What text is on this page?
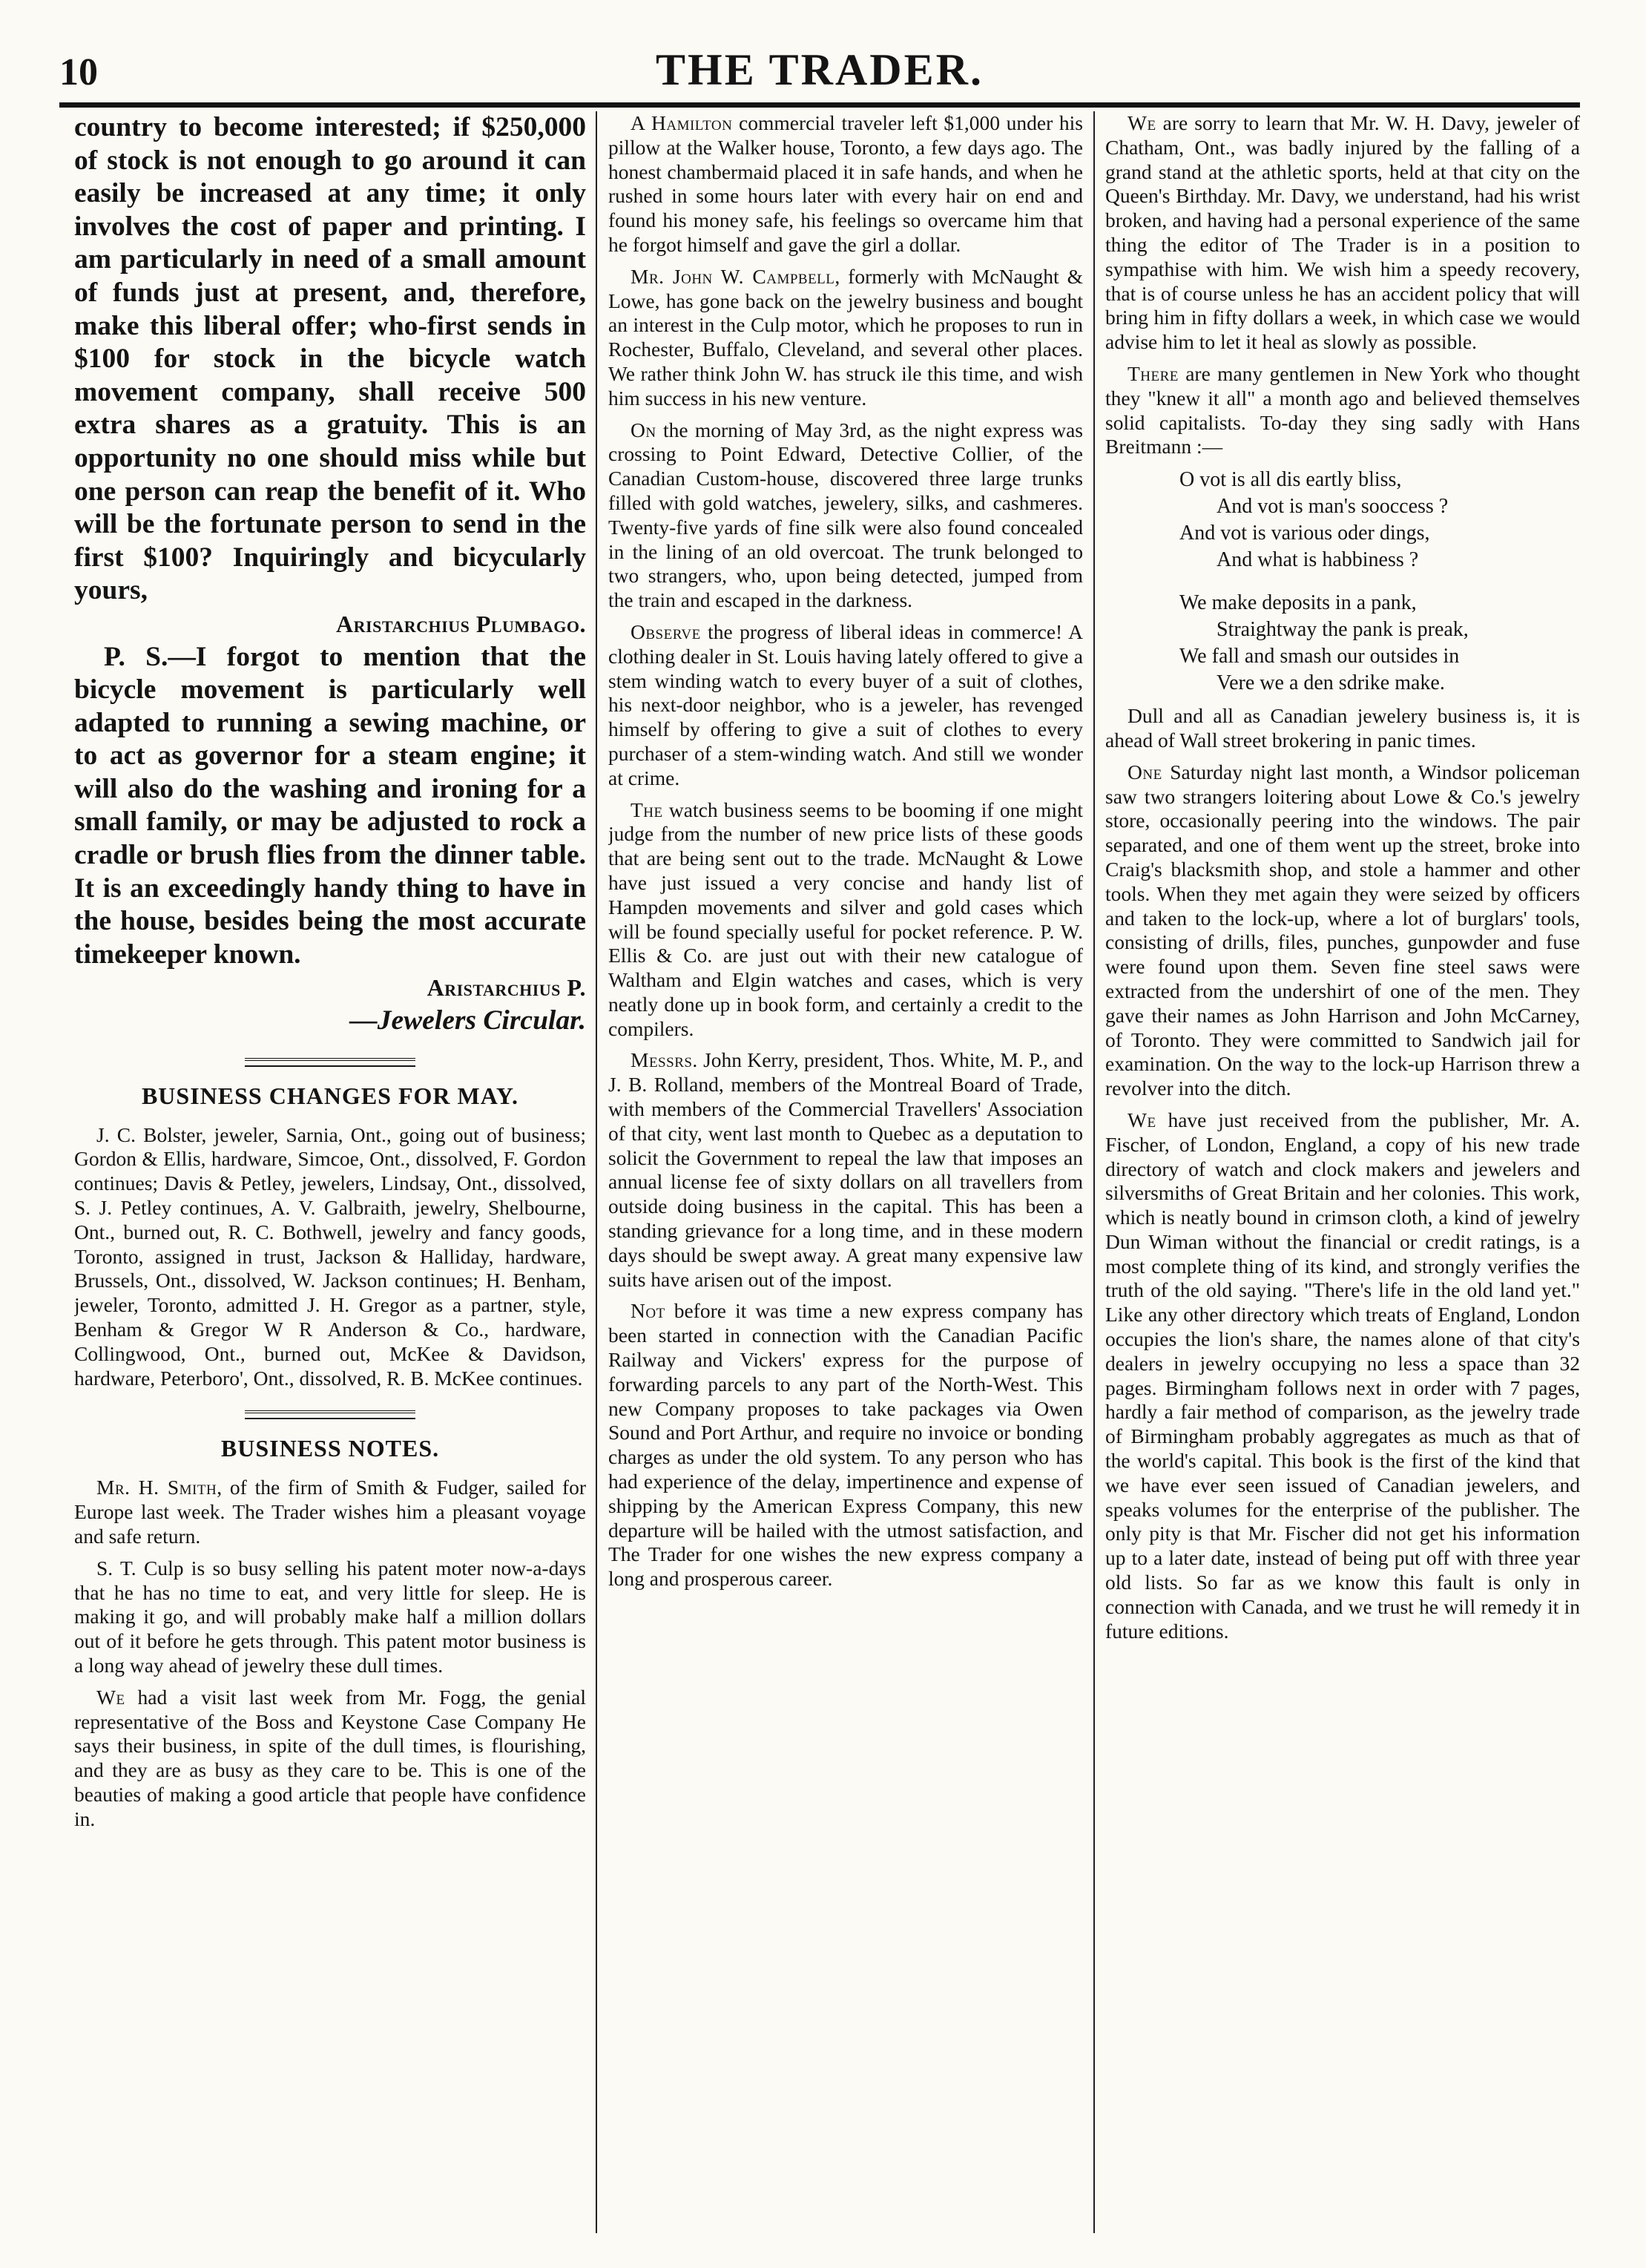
10	THE TRADER.

country to become interested; if $250,000 of stock is not enough to go around it can easily be increased at any time; it only involves the cost of paper and printing. I am particularly in need of a small amount of funds just at present, and, therefore, make this liberal offer; who-first sends in $100 for stock in the bicycle watch movement company, shall receive 500 extra shares as a gratuity. This is an opportunity no one should miss while but one person can reap the benefit of it. Who will be the fortunate person to send in the first $100? Inquiringly and bicycularly yours,

Aristarchius Plumbago.

P. S.—I forgot to mention that the bicycle movement is particularly well adapted to running a sewing machine, or to act as governor for a steam engine; it will also do the washing and ironing for a small family, or may be adjusted to rock a cradle or brush flies from the dinner table. It is an exceedingly handy thing to have in the house, besides being the most accurate timekeeper known.

Aristarchius P.

—Jewelers Circular.

BUSINESS CHANGES FOR MAY.

J. C. Bolster, jeweler, Sarnia, Ont., going out of business; Gordon & Ellis, hardware, Simcoe, Ont., dissolved, F. Gordon continues; Davis & Petley, jewelers, Lindsay, Ont., dissolved, S. J. Petley continues, A. V. Galbraith, jewelry, Shelbourne, Ont., burned out, R. C. Bothwell, jewelry and fancy goods, Toronto, assigned in trust, Jackson & Halliday, hardware, Brussels, Ont., dissolved, W. Jackson continues; H. Benham, jeweler, Toronto, admitted J. H. Gregor as a partner, style, Benham & Gregor W R Anderson & Co., hardware, Collingwood, Ont., burned out, McKee & Davidson, hardware, Peterboro', Ont., dissolved, R. B. McKee continues.

BUSINESS NOTES.

Mr. H. Smith, of the firm of Smith & Fudger, sailed for Europe last week. The Trader wishes him a pleasant voyage and safe return.

S. T. Culp is so busy selling his patent moter now-a-days that he has no time to eat, and very little for sleep. He is making it go, and will probably make half a million dollars out of it before he gets through. This patent motor business is a long way ahead of jewelry these dull times.

We had a visit last week from Mr. Fogg, the genial representative of the Boss and Keystone Case Company He says their business, in spite of the dull times, is flourishing, and they are as busy as they care to be. This is one of the beauties of making a good article that people have confidence in.

A Hamilton commercial traveler left $1,000 under his pillow at the Walker house, Toronto, a few days ago. The honest chambermaid placed it in safe hands, and when he rushed in some hours later with every hair on end and found his money safe, his feelings so overcame him that he forgot himself and gave the girl a dollar.

Mr. John W. Campbell, formerly with McNaught & Lowe, has gone back on the jewelry business and bought an interest in the Culp motor, which he proposes to run in Rochester, Buffalo, Cleveland, and several other places. We rather think John W. has struck ile this time, and wish him success in his new venture.

On the morning of May 3rd, as the night express was crossing to Point Edward, Detective Collier, of the Canadian Custom-house, discovered three large trunks filled with gold watches, jewelery, silks, and cashmeres. Twenty-five yards of fine silk were also found concealed in the lining of an old overcoat. The trunk belonged to two strangers, who, upon being detected, jumped from the train and escaped in the darkness.

Observe the progress of liberal ideas in commerce! A clothing dealer in St. Louis having lately offered to give a stem winding watch to every buyer of a suit of clothes, his next-door neighbor, who is a jeweler, has revenged himself by offering to give a suit of clothes to every purchaser of a stem-winding watch. And still we wonder at crime.

The watch business seems to be booming if one might judge from the number of new price lists of these goods that are being sent out to the trade. McNaught & Lowe have just issued a very concise and handy list of Hampden movements and silver and gold cases which will be found specially useful for pocket reference. P. W. Ellis & Co. are just out with their new catalogue of Waltham and Elgin watches and cases, which is very neatly done up in book form, and certainly a credit to the compilers.

Messrs. John Kerry, president, Thos. White, M. P., and J. B. Rolland, members of the Montreal Board of Trade, with members of the Commercial Travellers' Association of that city, went last month to Quebec as a deputation to solicit the Government to repeal the law that imposes an annual license fee of sixty dollars on all travellers from outside doing business in the capital. This has been a standing grievance for a long time, and in these modern days should be swept away. A great many expensive law suits have arisen out of the impost.

Not before it was time a new express company has been started in connection with the Canadian Pacific Railway and Vickers' express for the purpose of forwarding parcels to any part of the North-West. This new Company proposes to take packages via Owen Sound and Port Arthur, and require no invoice or bonding charges as under the old system. To any person who has had experience of the delay, impertinence and expense of shipping by the American Express Company, this new departure will be hailed with the utmost satisfaction, and The Trader for one wishes the new express company a long and prosperous career.

We are sorry to learn that Mr. W. H. Davy, jeweler of Chatham, Ont., was badly injured by the falling of a grand stand at the athletic sports, held at that city on the Queen's Birthday. Mr. Davy, we understand, had his wrist broken, and having had a personal experience of the same thing the editor of The Trader is in a position to sympathise with him. We wish him a speedy recovery, that is of course unless he has an accident policy that will bring him in fifty dollars a week, in which case we would advise him to let it heal as slowly as possible.

There are many gentlemen in New York who thought they "knew it all" a month ago and believed themselves solid capitalists. To-day they sing sadly with Hans Breitmann :—

O vot is all dis eartly bliss,
And vot is man's sooccess ?
And vot is various oder dings,
And what is habbiness ?
We make deposits in a pank,
Straightway the pank is preak,
We fall and smash our outsides in
Vere we a den sdrike make.

Dull and all as Canadian jewelery business is, it is ahead of Wall street brokering in panic times.

One Saturday night last month, a Windsor policeman saw two strangers loitering about Lowe & Co.'s jewelry store, occasionally peering into the windows. The pair separated, and one of them went up the street, broke into Craig's blacksmith shop, and stole a hammer and other tools. When they met again they were seized by officers and taken to the lock-up, where a lot of burglars' tools, consisting of drills, files, punches, gunpowder and fuse were found upon them. Seven fine steel saws were extracted from the undershirt of one of the men. They gave their names as John Harrison and John McCarney, of Toronto. They were committed to Sandwich jail for examination. On the way to the lock-up Harrison threw a revolver into the ditch.

We have just received from the publisher, Mr. A. Fischer, of London, England, a copy of his new trade directory of watch and clock makers and jewelers and silversmiths of Great Britain and her colonies. This work, which is neatly bound in crimson cloth, a kind of jewelry Dun Wiman without the financial or credit ratings, is a most complete thing of its kind, and strongly verifies the truth of the old saying. "There's life in the old land yet." Like any other directory which treats of England, London occupies the lion's share, the names alone of that city's dealers in jewelry occupying no less a space than 32 pages. Birmingham follows next in order with 7 pages, hardly a fair method of comparison, as the jewelry trade of Birmingham probably aggregates as much as that of the world's capital. This book is the first of the kind that we have ever seen issued of Canadian jewelers, and speaks volumes for the enterprise of the publisher. The only pity is that Mr. Fischer did not get his information up to a later date, instead of being put off with three year old lists. So far as we know this fault is only in connection with Canada, and we trust he will remedy it in future editions.
